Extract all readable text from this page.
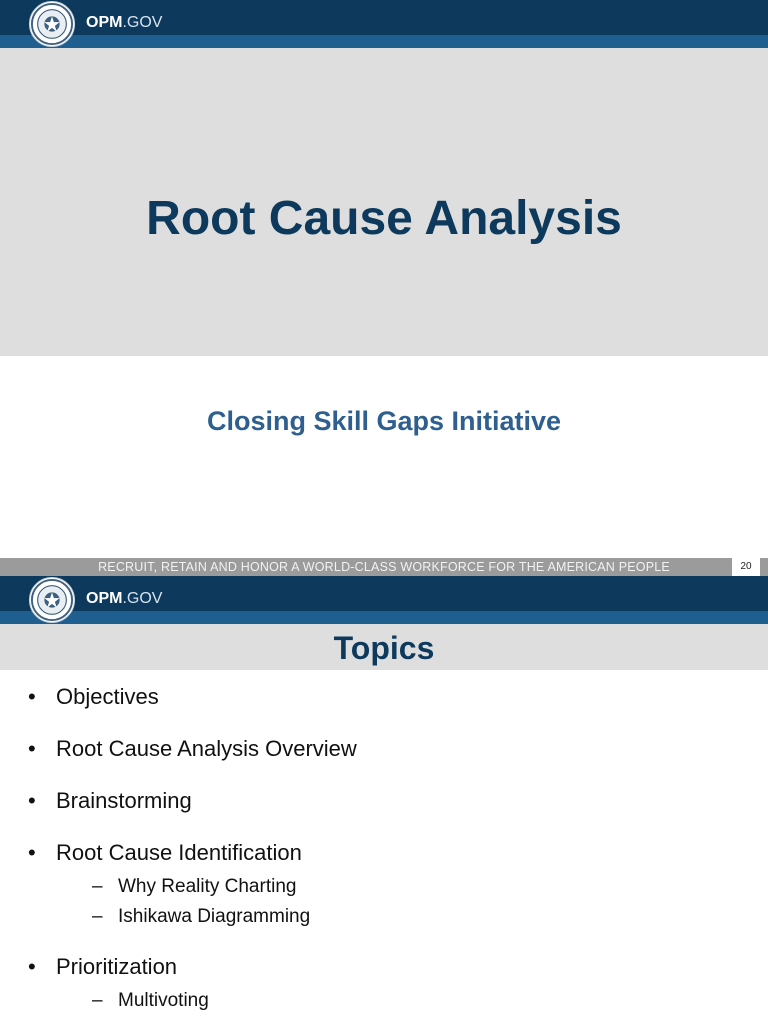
OPM.GOV
Root Cause Analysis
Closing Skill Gaps Initiative
RECRUIT, RETAIN AND HONOR A WORLD-CLASS WORKFORCE FOR THE AMERICAN PEOPLE	20
OPM.GOV
Topics
• Objectives
• Root Cause Analysis Overview
• Brainstorming
• Root Cause Identification
– Why Reality Charting
– Ishikawa Diagramming
• Prioritization
– Multivoting
